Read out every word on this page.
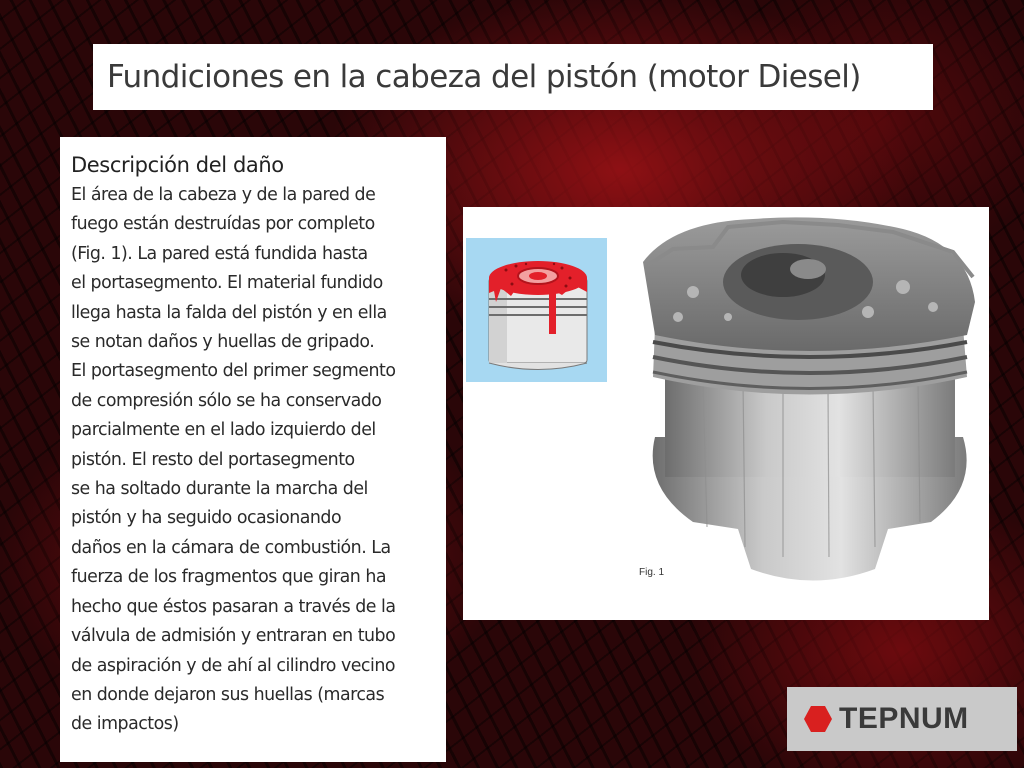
Fundiciones en la cabeza del pistón (motor Diesel)
Descripción del daño

El área de la cabeza y de la pared de
fuego están destruídas por completo
(Fig. 1). La pared está fundida hasta
el portasegmento. El material fundido
llega hasta la falda del pistón y en ella
se notan daños y huellas de gripado.
El portasegmento del primer segmento
de compresión sólo se ha conservado
parcialmente en el lado izquierdo del
pistón. El resto del portasegmento
se ha soltado durante la marcha del
pistón y ha seguido ocasionando
daños en la cámara de combustión. La
fuerza de los fragmentos que giran ha
hecho que éstos pasaran a través de la
válvula de admisión y entraran en tubo
de aspiración y de ahí al cilindro vecino
en donde dejaron sus huellas (marcas
de impactos)

Fig. 1
TEPNUM
